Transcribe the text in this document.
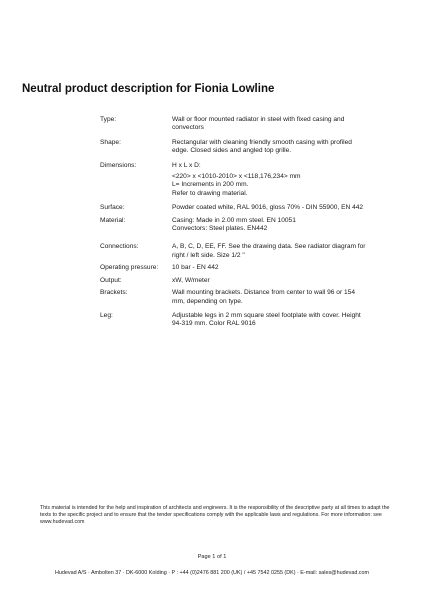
Neutral product description for Fionia Lowline
Type:	Wall or floor mounted radiator in steel with fixed casing and
convectors
Shape:	Rectangular with cleaning friendly smooth casing with profiled
edge. Closed sides and angled top grille.
Dimensions:	H x L x D:
<220> x <1010-2010> x <118,176,234> mm
L= Increments in 200 mm.
Refer to drawing material.
Surface:	Powder coated white, RAL 9016, gloss 70% - DIN 55900, EN 442
Material:	Casing: Made in 2.00 mm steel. EN 10051
Convectors: Steel plates. EN442
Connections:	A, B, C, D, EE, FF. See the drawing data. See radiator diagram for
right / left side. Size 1/2 "
Operating pressure:	10 bar - EN 442
Output:	xW, W/meter
Brackets:	Wall mounting brackets. Distance from center to wall 96 or 154
mm, depending on type.
Leg:	Adjustable legs in 2 mm square steel footplate with cover. Height
94-319 mm. Color RAL 9016
This material is intended for the help and inspiration of architects and engineers. It is the responsibility of the descriptive party at all times to adapt the texts to the specific project and to ensure that the tender specifications comply with the applicable laws and regulations. For more information: see www.hudevad.com
Page 1 of 1
Hudevad A/S · Ambolten 37 · DK-6000 Kolding · P : +44 (0)2476 881 200 (UK) / +45 7542 0255 (DK) · E-mail: sales@hudevad.com
